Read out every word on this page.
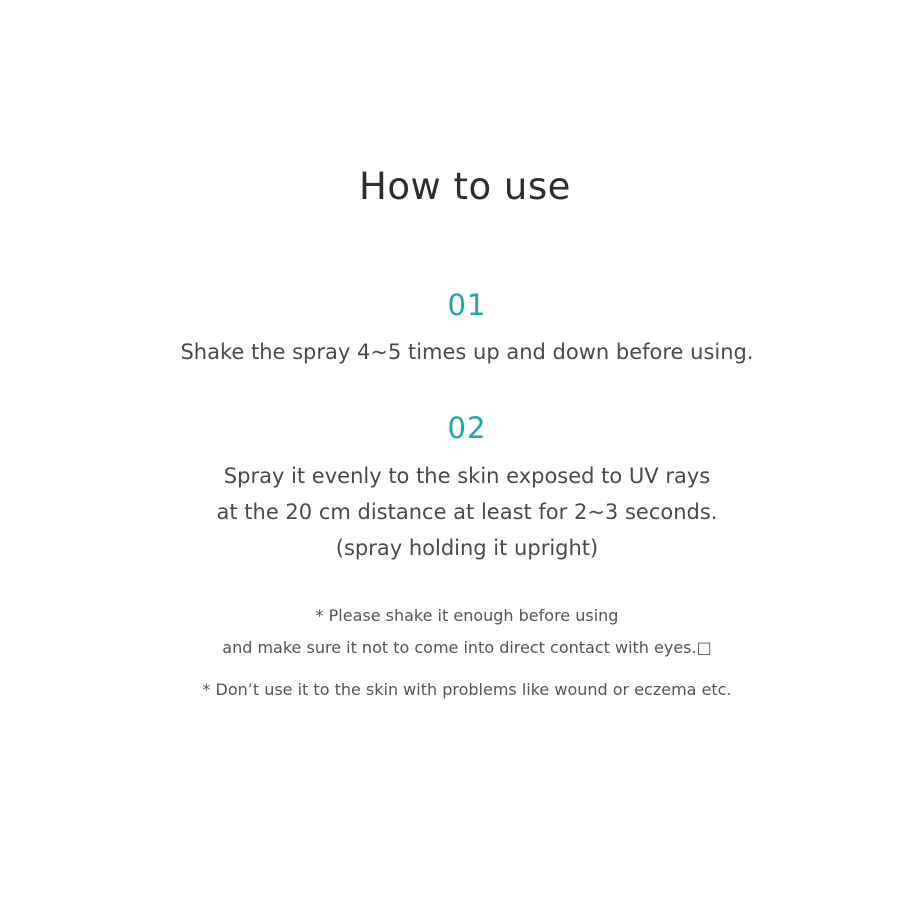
How to use
01
Shake the spray 4~5 times up and down before using.
02
Spray it evenly to the skin exposed to UV rays
at the 20 cm distance at least for 2~3 seconds.
(spray holding it upright)
* Please shake it enough before using
and make sure it not to come into direct contact with eyes.□
* Don’t use it to the skin with problems like wound or eczema etc.
